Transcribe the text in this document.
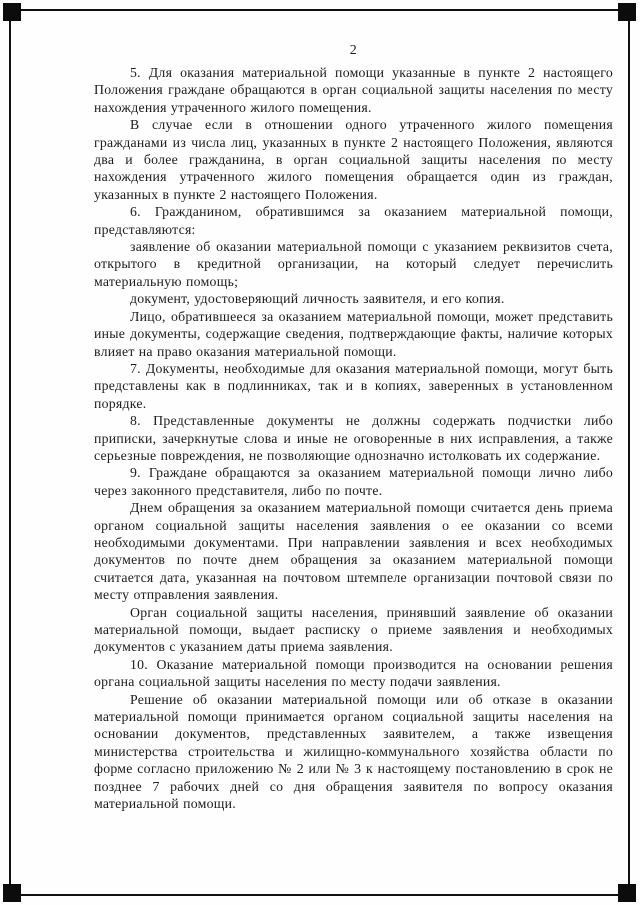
2

5. Для оказания материальной помощи указанные в пункте 2 настоящего Положения граждане обращаются в орган социальной защиты населения по месту нахождения утраченного жилого помещения.

В случае если в отношении одного утраченного жилого помещения гражданами из числа лиц, указанных в пункте 2 настоящего Положения, являются два и более гражданина, в орган социальной защиты населения по месту нахождения утраченного жилого помещения обращается один из граждан, указанных в пункте 2 настоящего Положения.

6. Гражданином, обратившимся за оказанием материальной помощи, представляются:

заявление об оказании материальной помощи с указанием реквизитов счета, открытого в кредитной организации, на который следует перечислить материальную помощь;

документ, удостоверяющий личность заявителя, и его копия.

Лицо, обратившееся за оказанием материальной помощи, может представить иные документы, содержащие сведения, подтверждающие факты, наличие которых влияет на право оказания материальной помощи.

7. Документы, необходимые для оказания материальной помощи, могут быть представлены как в подлинниках, так и в копиях, заверенных в установленном порядке.

8. Представленные документы не должны содержать подчистки либо приписки, зачеркнутые слова и иные не оговоренные в них исправления, а также серьезные повреждения, не позволяющие однозначно истолковать их содержание.

9. Граждане обращаются за оказанием материальной помощи лично либо через законного представителя, либо по почте.

Днем обращения за оказанием материальной помощи считается день приема органом социальной защиты населения заявления о ее оказании со всеми необходимыми документами. При направлении заявления и всех необходимых документов по почте днем обращения за оказанием материальной помощи считается дата, указанная на почтовом штемпеле организации почтовой связи по месту отправления заявления.

Орган социальной защиты населения, принявший заявление об оказании материальной помощи, выдает расписку о приеме заявления и необходимых документов с указанием даты приема заявления.

10. Оказание материальной помощи производится на основании решения органа социальной защиты населения по месту подачи заявления.

Решение об оказании материальной помощи или об отказе в оказании материальной помощи принимается органом социальной защиты населения на основании документов, представленных заявителем, а также извещения министерства строительства и жилищно-коммунального хозяйства области по форме согласно приложению № 2 или № 3 к настоящему постановлению в срок не позднее 7 рабочих дней со дня обращения заявителя по вопросу оказания материальной помощи.
